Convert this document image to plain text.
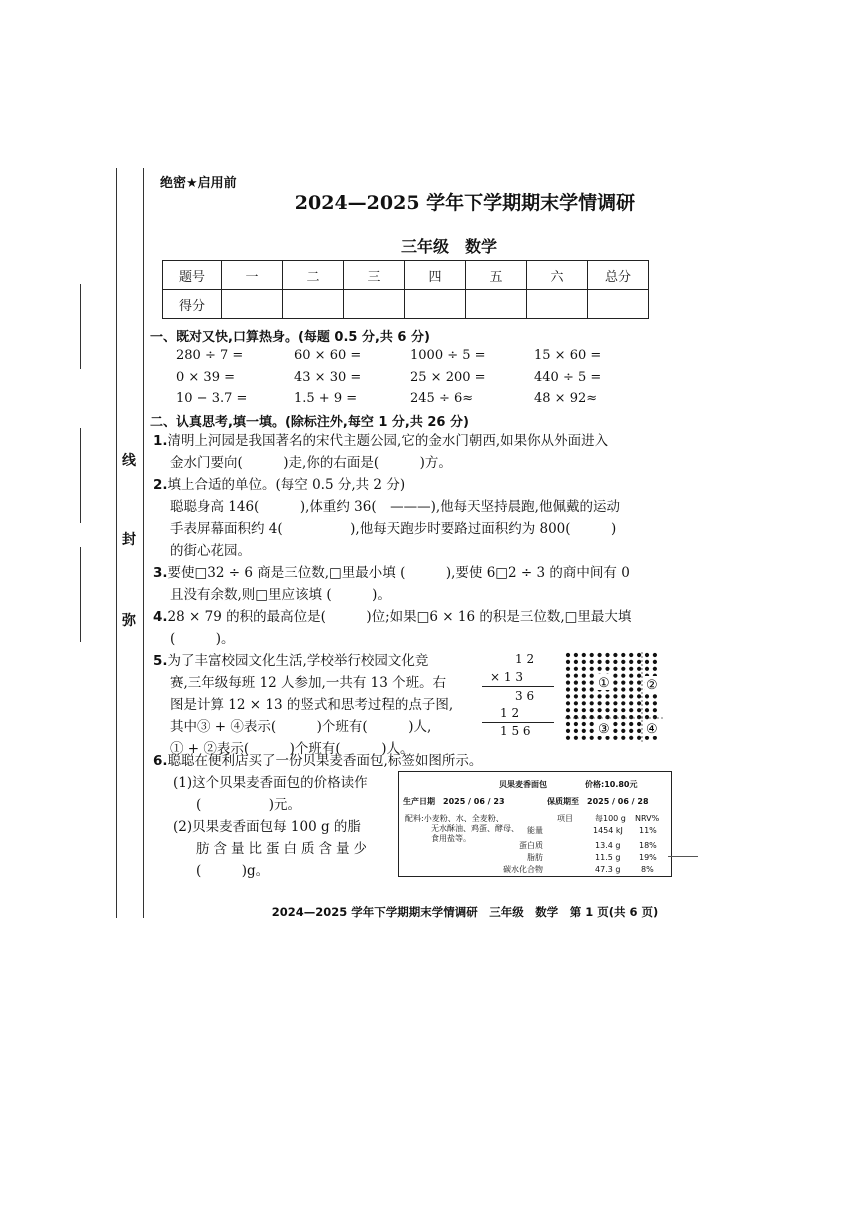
线
封
弥
绝密★启用前
2024—2025 学年下学期期末学情调研
三年级　数学
题号	一	二	三	四	五	六	总分
得分							
一、既对又快,口算热身。(每题 0.5 分,共 6 分)
280 ÷ 7 =	60 × 60 =	1000 ÷ 5 =	15 × 60 =
0 × 39 =	43 × 30 =	25 × 200 =	440 ÷ 5 =
10 − 3.7 =	1.5 + 9 =	245 ÷ 6≈	48 × 92≈
二、认真思考,填一填。(除标注外,每空 1 分,共 26 分)
1.清明上河园是我国著名的宋代主题公园,它的金水门朝西,如果你从外面进入
金水门要向(　　　)走,你的右面是(　　　)方。
2.填上合适的单位。(每空 0.5 分,共 2 分)
聪聪身高 146(　　　),体重约 36(　———),他每天坚持晨跑,他佩戴的运动
手表屏幕面积约 4(　　　　　),他每天跑步时要路过面积约为 800(　　　)
的街心花园。
3.要使□32 ÷ 6 商是三位数,□里最小填 (　　　),要使 6□2 ÷ 3 的商中间有 0
且没有余数,则□里应该填 (　　　)。
4.28 × 79 的积的最高位是(　　　)位;如果□6 × 16 的积是三位数,□里最大填
(　　　)。
5.为了丰富校园文化生活,学校举行校园文化竞
赛,三年级每班 12 人参加,一共有 13 个班。右
图是计算 12 × 13 的竖式和思考过程的点子图,
其中③ + ④表示(　　　)个班有(　　　)人,
① + ②表示(　　　)个班有(　　　)人。
1 2
× 1 3
3 6
1 2
1 5 6
①	②
③	④
6.聪聪在便利店买了一份贝果麦香面包,标签如图所示。
(1)这个贝果麦香面包的价格读作
(　　　　　)元。
(2)贝果麦香面包每 100 g 的脂
肪含量比蛋白质含量少
(　　　)g。
贝果麦香面包	价格:10.80元
生产日期　2025 / 06 / 23	保质期至　2025 / 06 / 28
配料:小麦粉、水、全麦粉、
无水酥油、鸡蛋、酵母、
食用盐等。
项目	每100 g NRV%
能量	1454 kJ 11%
蛋白质	13.4 g 18%
脂肪	11.5 g 19%
碳水化合物	47.3 g	8%
2024—2025 学年下学期期末学情调研　三年级　数学　第 1 页(共 6 页)
